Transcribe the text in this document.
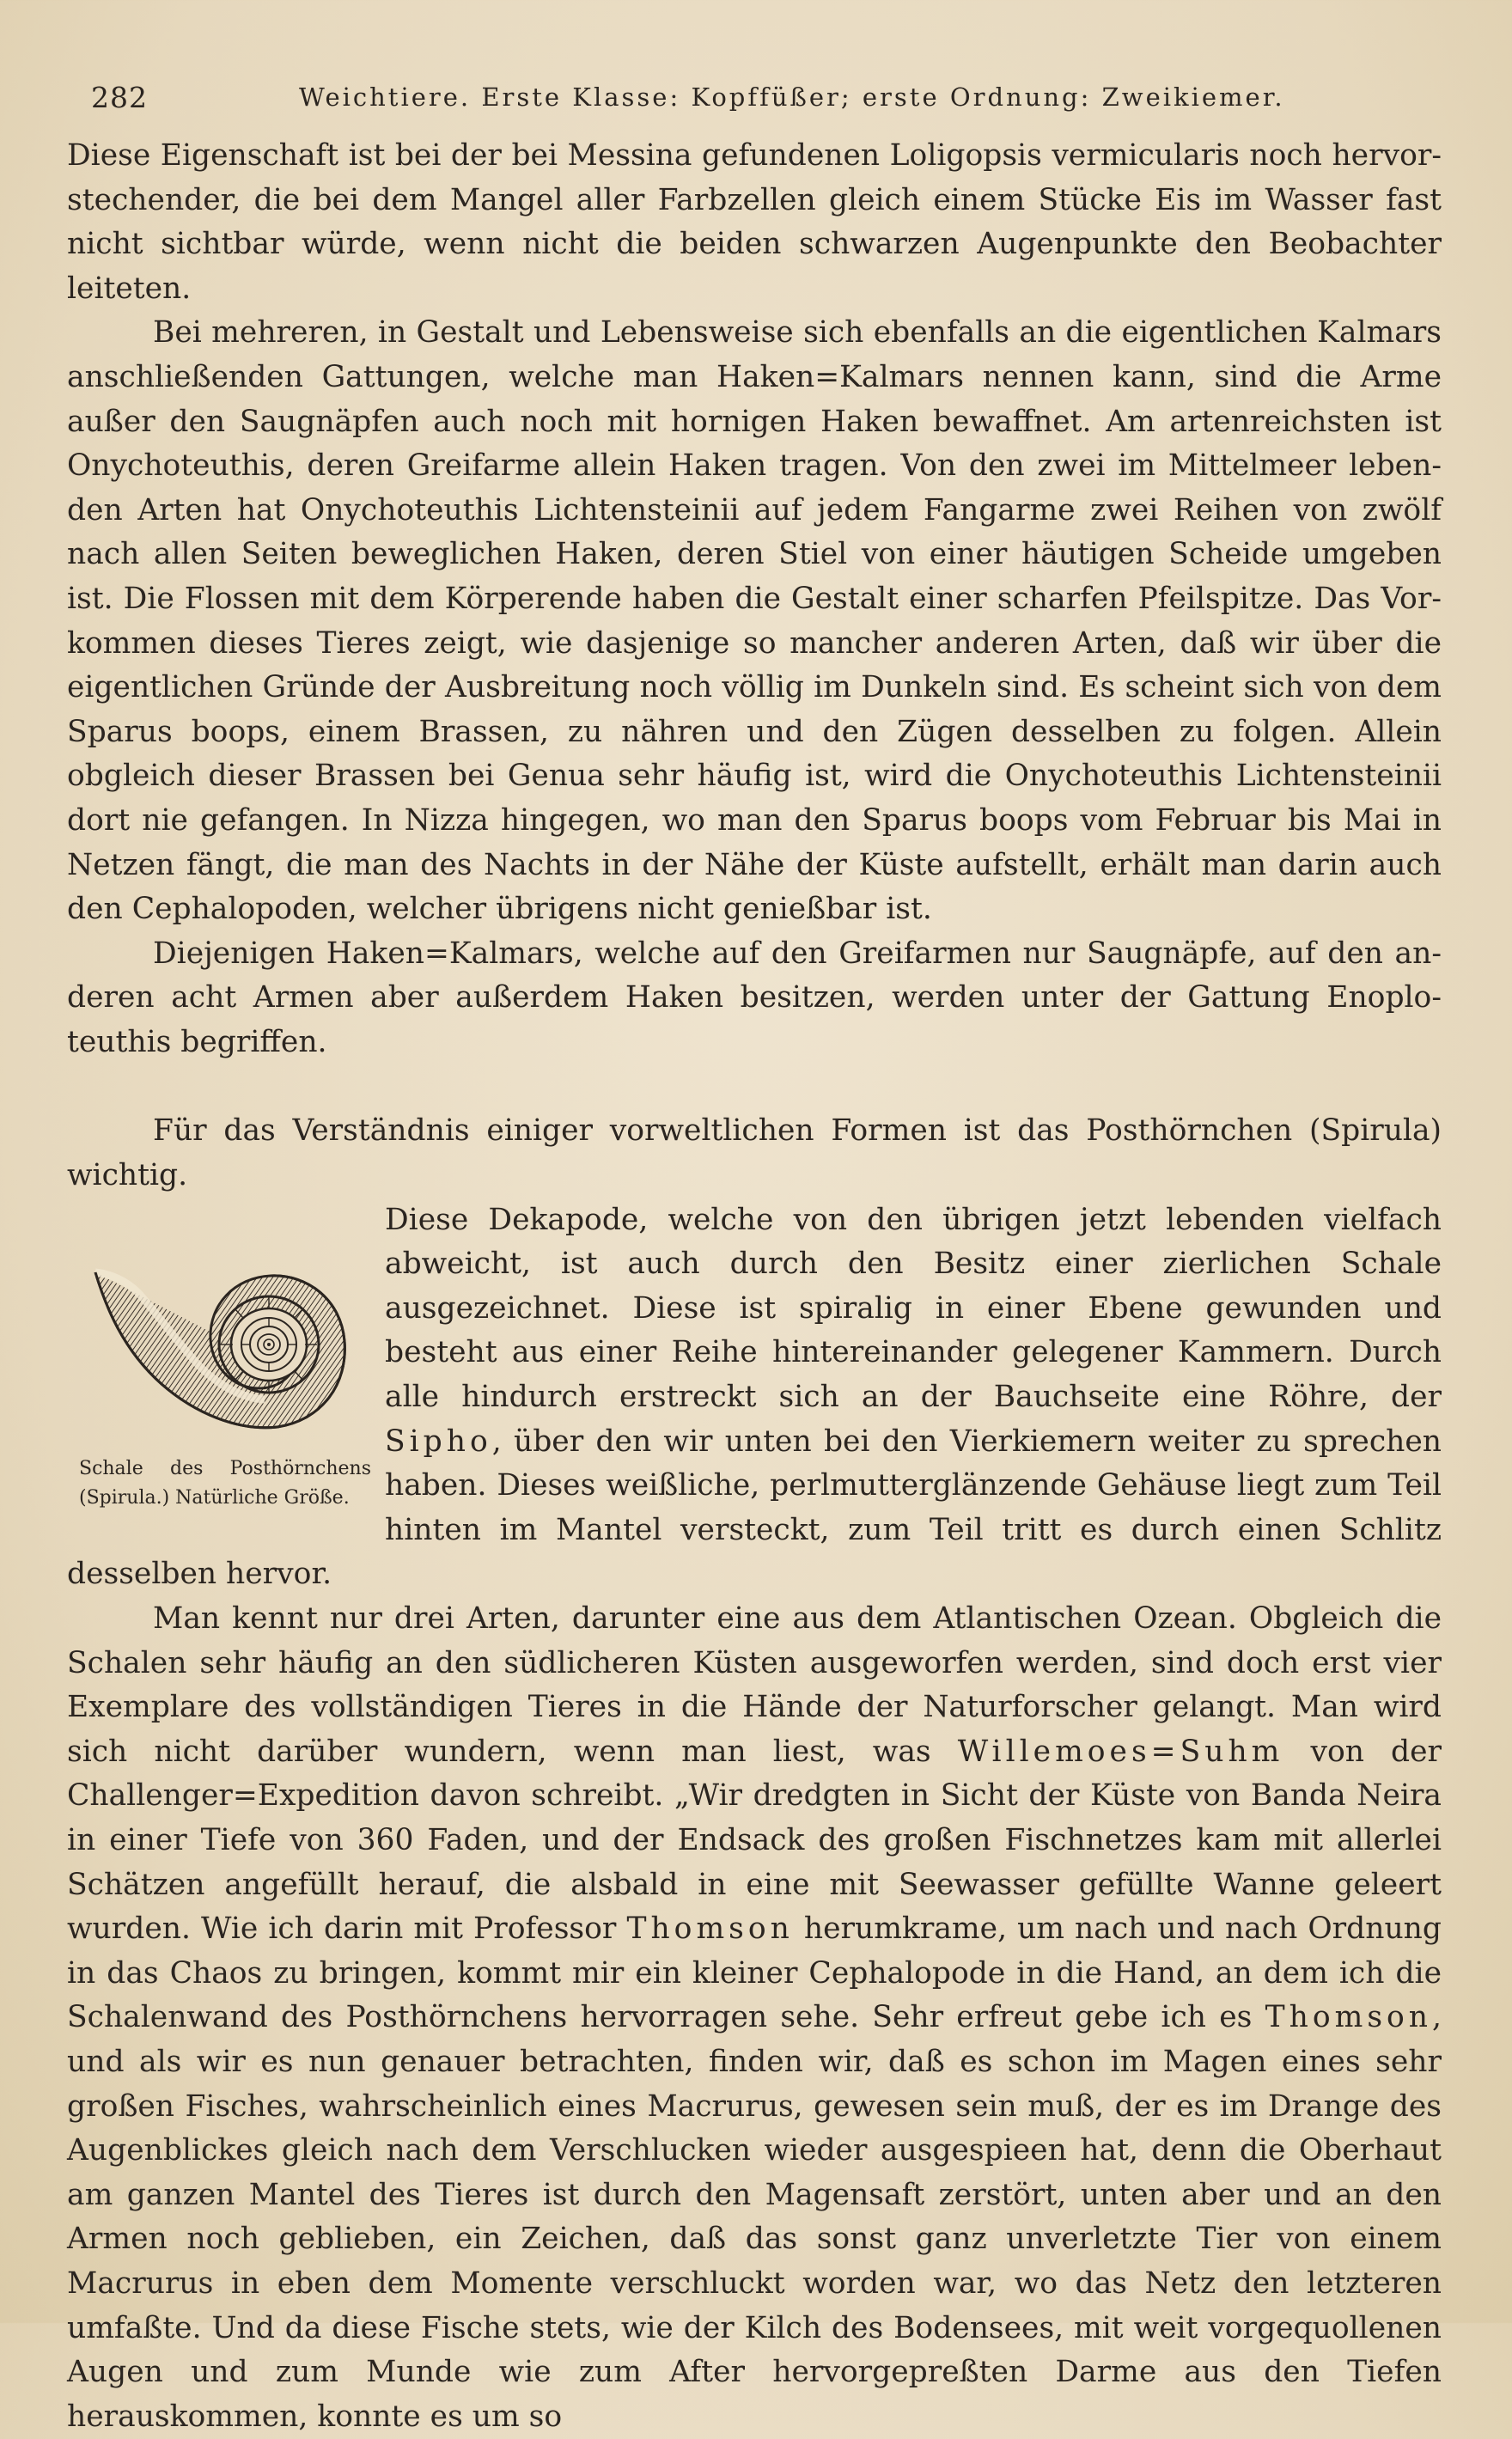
282	Weichtiere. Erste Klasse: Kopffüßer; erste Ordnung: Zweikiemer.

Diese Eigenschaft ist bei der bei Messina gefundenen Loligopsis vermicularis noch hervorstechender, die bei dem Mangel aller Farbzellen gleich einem Stücke Eis im Wasser fast nicht sichtbar würde, wenn nicht die beiden schwarzen Augenpunkte den Beobachter leiteten.

Bei mehreren, in Gestalt und Lebensweise sich ebenfalls an die eigentlichen Kalmars anschließenden Gattungen, welche man Haken=Kalmars nennen kann, sind die Arme außer den Saugnäpfen auch noch mit hornigen Haken bewaffnet. Am artenreichsten ist Onychoteuthis, deren Greifarme allein Haken tragen. Von den zwei im Mittelmeer lebenden Arten hat Onychoteuthis Lichtensteinii auf jedem Fangarme zwei Reihen von zwölf nach allen Seiten beweglichen Haken, deren Stiel von einer häutigen Scheide umgeben ist. Die Flossen mit dem Körperende haben die Gestalt einer scharfen Pfeilspitze. Das Vorkommen dieses Tieres zeigt, wie dasjenige so mancher anderen Arten, daß wir über die eigentlichen Gründe der Ausbreitung noch völlig im Dunkeln sind. Es scheint sich von dem Sparus boops, einem Brassen, zu nähren und den Zügen desselben zu folgen. Allein obgleich dieser Brassen bei Genua sehr häufig ist, wird die Onychoteuthis Lichtensteinii dort nie gefangen. In Nizza hingegen, wo man den Sparus boops vom Februar bis Mai in Netzen fängt, die man des Nachts in der Nähe der Küste aufstellt, erhält man darin auch den Cephalopoden, welcher übrigens nicht genießbar ist.

Diejenigen Haken=Kalmars, welche auf den Greifarmen nur Saugnäpfe, auf den anderen acht Armen aber außerdem Haken besitzen, werden unter der Gattung Enoploteuthis begriffen.

Für das Verständnis einiger vorweltlichen Formen ist das Posthörnchen (Spirula) wichtig.

Schale des Posthörnchens (Spirula.) Natürliche Größe.

Diese Dekapode, welche von den übrigen jetzt lebenden vielfach abweicht, ist auch durch den Besitz einer zierlichen Schale ausgezeichnet. Diese ist spiralig in einer Ebene gewunden und besteht aus einer Reihe hintereinander gelegener Kammern. Durch alle hindurch erstreckt sich an der Bauchseite eine Röhre, der Sipho, über den wir unten bei den Vierkiemern weiter zu sprechen haben. Dieses weißliche, perlmutterglänzende Gehäuse liegt zum Teil hinten im Mantel versteckt, zum Teil tritt es durch einen Schlitz desselben hervor.

Man kennt nur drei Arten, darunter eine aus dem Atlantischen Ozean. Obgleich die Schalen sehr häufig an den südlicheren Küsten ausgeworfen werden, sind doch erst vier Exemplare des vollständigen Tieres in die Hände der Naturforscher gelangt. Man wird sich nicht darüber wundern, wenn man liest, was Willemoes=Suhm von der Challenger=Expedition davon schreibt. „Wir dredgten in Sicht der Küste von Banda Neira in einer Tiefe von 360 Faden, und der Endsack des großen Fischnetzes kam mit allerlei Schätzen angefüllt herauf, die alsbald in eine mit Seewasser gefüllte Wanne geleert wurden. Wie ich darin mit Professor Thomson herumkrame, um nach und nach Ordnung in das Chaos zu bringen, kommt mir ein kleiner Cephalopode in die Hand, an dem ich die Schalenwand des Posthörnchens hervorragen sehe. Sehr erfreut gebe ich es Thomson, und als wir es nun genauer betrachten, finden wir, daß es schon im Magen eines sehr großen Fisches, wahrscheinlich eines Macrurus, gewesen sein muß, der es im Drange des Augenblickes gleich nach dem Verschlucken wieder ausgespieen hat, denn die Oberhaut am ganzen Mantel des Tieres ist durch den Magensaft zerstört, unten aber und an den Armen noch geblieben, ein Zeichen, daß das sonst ganz unverletzte Tier von einem Macrurus in eben dem Momente verschluckt worden war, wo das Netz den letzteren umfaßte. Und da diese Fische stets, wie der Kilch des Bodensees, mit weit vorgequollenen Augen und zum Munde wie zum After hervorgepreßten Darme aus den Tiefen herauskommen, konnte es um so
